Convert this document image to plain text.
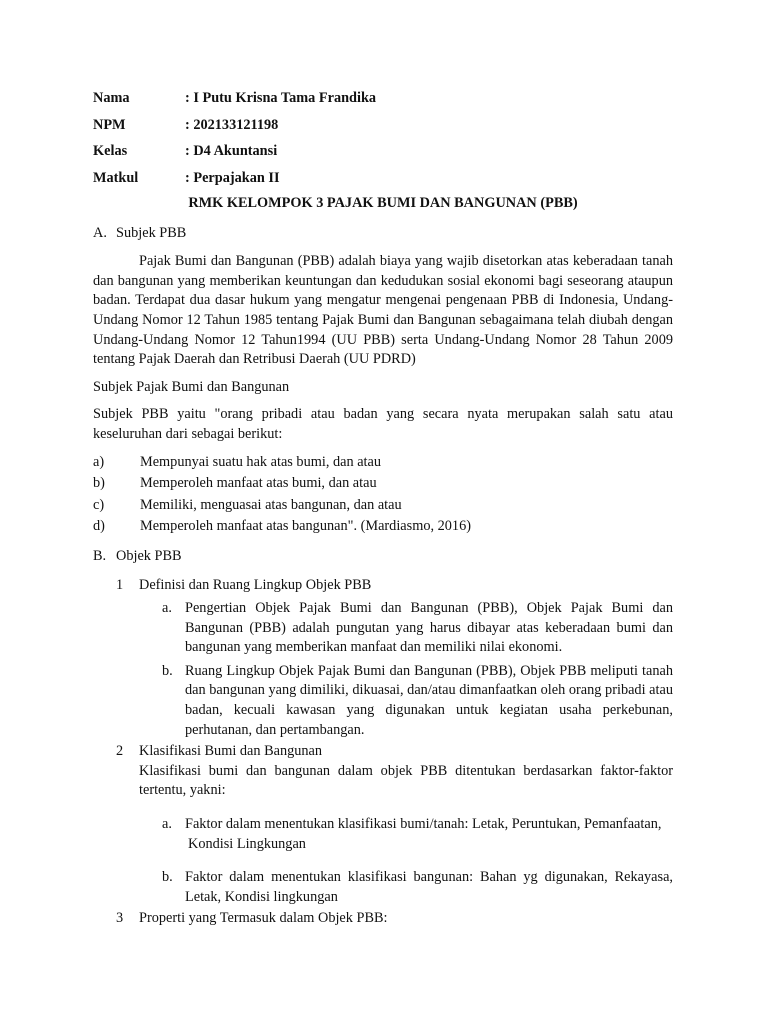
Nama	: I Putu Krisna Tama Frandika
NPM	: 202133121198
Kelas	: D4 Akuntansi
Matkul	: Perpajakan II
RMK KELOMPOK 3 PAJAK BUMI DAN BANGUNAN (PBB)
A. Subjek PBB

Pajak Bumi dan Bangunan (PBB) adalah biaya yang wajib disetorkan atas keberadaan tanah dan bangunan yang memberikan keuntungan dan kedudukan sosial ekonomi bagi seseorang ataupun badan. Terdapat dua dasar hukum yang mengatur mengenai pengenaan PBB di Indonesia, Undang-Undang Nomor 12 Tahun 1985 tentang Pajak Bumi dan Bangunan sebagaimana telah diubah dengan Undang-Undang Nomor 12 Tahun1994 (UU PBB) serta Undang-Undang Nomor 28 Tahun 2009 tentang Pajak Daerah dan Retribusi Daerah (UU PDRD)

Subjek Pajak Bumi dan Bangunan

Subjek PBB yaitu "orang pribadi atau badan yang secara nyata merupakan salah satu atau keseluruhan dari sebagai berikut:

a)	Mempunyai suatu hak atas bumi, dan atau
b)	Memperoleh manfaat atas bumi, dan atau
c)	Memiliki, menguasai atas bangunan, dan atau
d)	Memperoleh manfaat atas bangunan". (Mardiasmo, 2016)
B. Objek PBB
1	Definisi dan Ruang Lingkup Objek PBB
a. Pengertian Objek Pajak Bumi dan Bangunan (PBB), Objek Pajak Bumi dan Bangunan (PBB) adalah pungutan yang harus dibayar atas keberadaan bumi dan bangunan yang memberikan manfaat dan memiliki nilai ekonomi.
b. Ruang Lingkup Objek Pajak Bumi dan Bangunan (PBB), Objek PBB meliputi tanah dan bangunan yang dimiliki, dikuasai, dan/atau dimanfaatkan oleh orang pribadi atau badan, kecuali kawasan yang digunakan untuk kegiatan usaha perkebunan, perhutanan, dan pertambangan.
2	Klasifikasi Bumi dan Bangunan

Klasifikasi bumi dan bangunan dalam objek PBB ditentukan berdasarkan faktor-faktor tertentu, yakni:

a. Faktor dalam menentukan klasifikasi bumi/tanah: Letak, Peruntukan, Pemanfaatan,
Kondisi Lingkungan
b. Faktor dalam menentukan klasifikasi bangunan: Bahan yg digunakan, Rekayasa, Letak, Kondisi lingkungan
3	Properti yang Termasuk dalam Objek PBB:
